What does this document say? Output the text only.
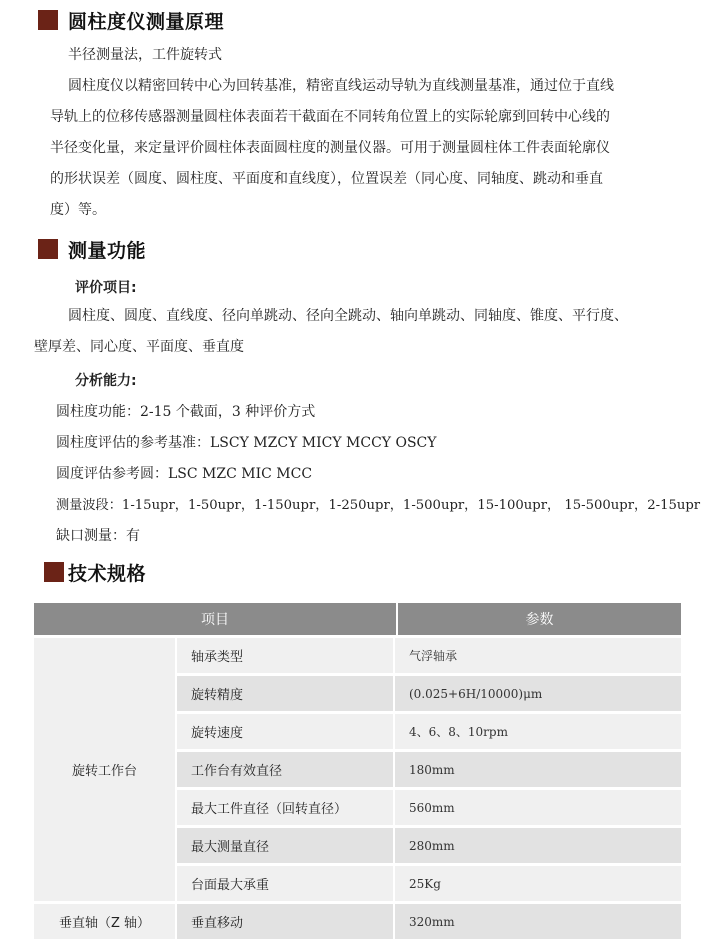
圆柱度仪测量原理

半径测量法，工件旋转式

圆柱度仪以精密回转中心为回转基准，精密直线运动导轨为直线测量基准，通过位于直线

导轨上的位移传感器测量圆柱体表面若干截面在不同转角位置上的实际轮廓到回转中心线的

半径变化量，来定量评价圆柱体表面圆柱度的测量仪器。可用于测量圆柱体工件表面轮廓仪

的形状误差（圆度、圆柱度、平面度和直线度），位置误差（同心度、同轴度、跳动和垂直

度）等。

测量功能

评价项目:

圆柱度、圆度、直线度、径向单跳动、径向全跳动、轴向单跳动、同轴度、锥度、平行度、

壁厚差、同心度、平面度、垂直度

分析能力:

圆柱度功能：2-15 个截面，3 种评价方式

圆柱度评估的参考基准：LSCY MZCY MICY MCCY OSCY

圆度评估参考圆：LSC MZC MIC MCC

测量波段：1-15upr，1-50upr，1-150upr，1-250upr，1-500upr，15-100upr， 15-500upr，2-15upr

缺口测量：有

技术规格
项目	参数
旋转工作台
轴承类型	气浮轴承
旋转精度	(0.025+6H/10000)μm
旋转速度	4、6、8、10rpm
工作台有效直径	180mm
最大工件直径（回转直径）	560mm
最大测量直径	280mm
台面最大承重	25Kg
垂直轴（Z 轴）	垂直移动	320mm
